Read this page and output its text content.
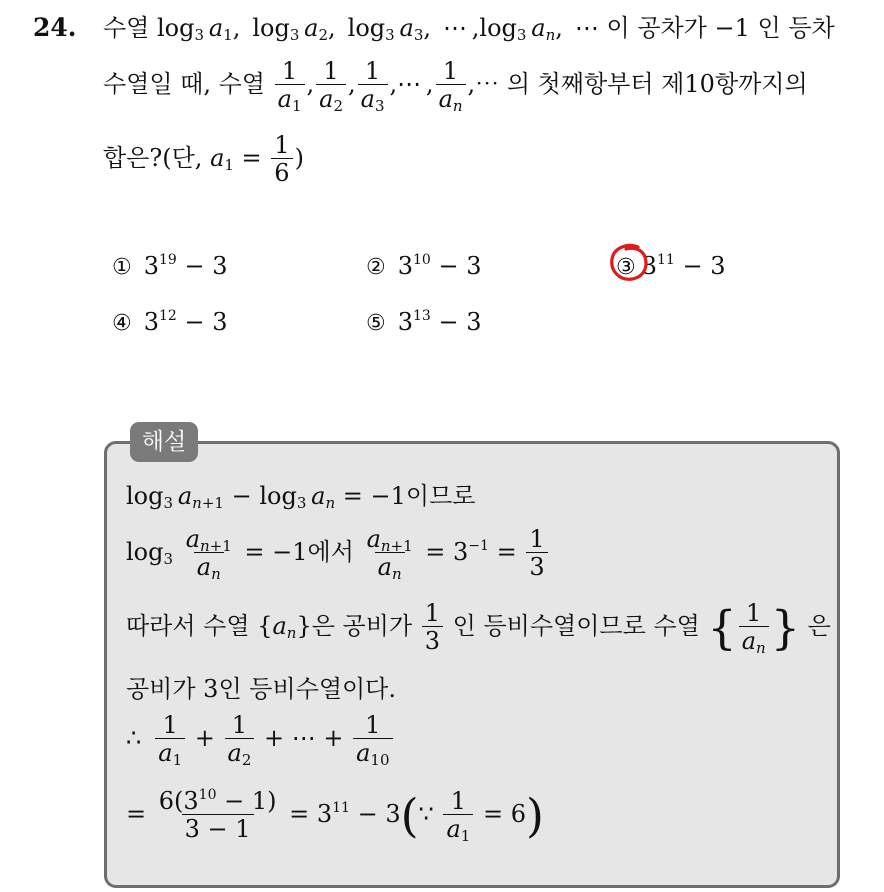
24. 수열 $\log_3 a_1$, $\log_3 a_2$, $\log_3 a_3$, ⋯ $,\log_3$  $a_n$, ⋯ 이 공차가 −1 인 등차
수열일 때, 수열 $\frac{1}{a_1}$ , $\frac{1}{a_2}$ , $\frac{1}{a_3}$ ,⋯ , $\frac{1}{a_n}$ ,⋯ 의 첫째항부터 제10항까지의
합은?(단, $a_1 = \frac{1}{6}$ )
① $3^{19} - 3$	② $3^{10} - 3$	③ $3^{11} - 3$
④ $3^{12} - 3$	⑤ $3^{13} - 3$
해설
$\log_3 a_{n+1} - \log_3 a_n = -1$이므로
$\log_3 \frac{a_{n+1}}{a_n} = -1$에서 $\frac{a_{n+1}}{a_n} = 3^{-1} = \frac{1}{3}$
따라서 수열 $\{a_n\}$은 공비가 $\frac{1}{3}$ 인 등비수열이므로 수열 { $\frac{1}{a_n}$ } 은
공비가 3인 등비수열이다.
∴  $\frac{1}{a_1} + \frac{1}{a_2}$ + ⋯ + $\frac{1}{a_{10}}$
= $\frac{6(3^{10} - 1)}{3 - 1} = 3^{11}$ − 3(∵ $\frac{1}{a_1} = 6$)
